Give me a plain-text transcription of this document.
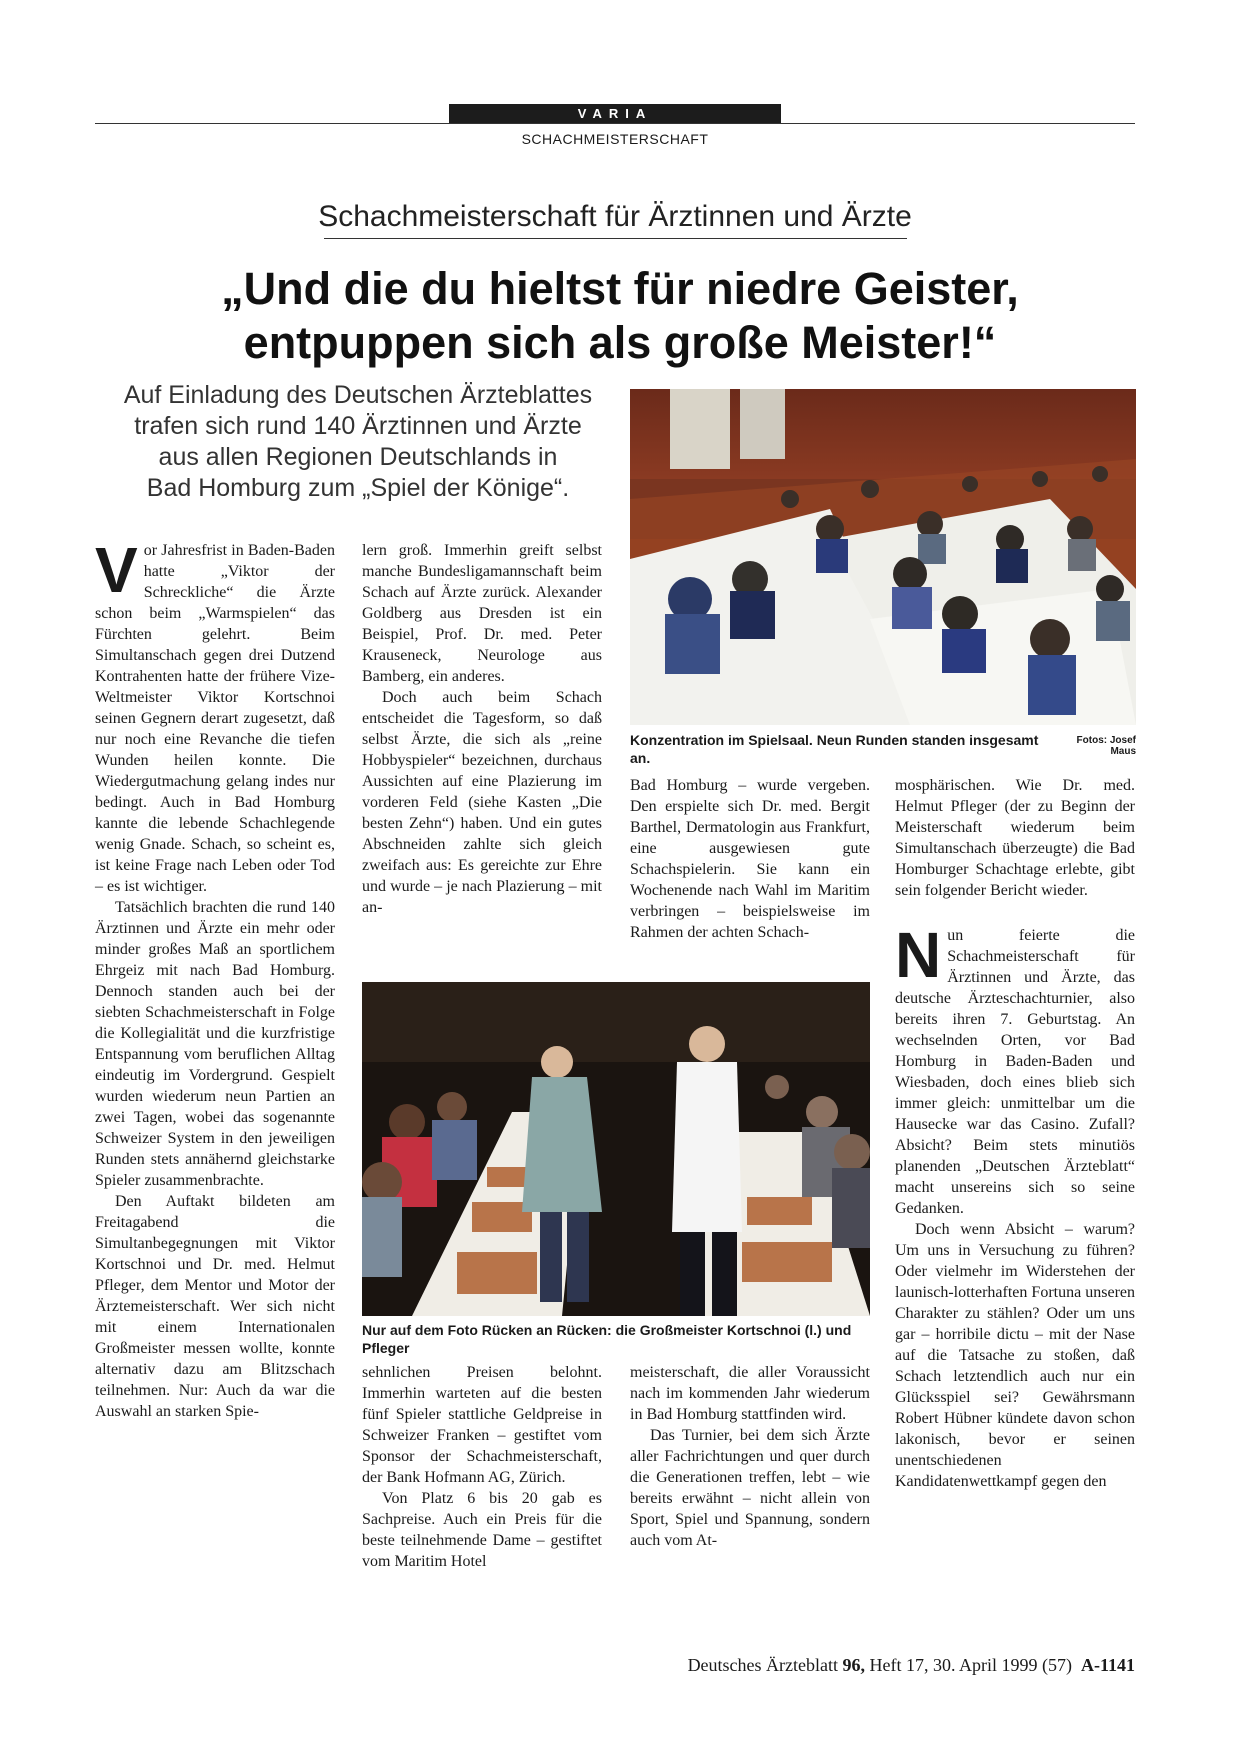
VARIA
SCHACHMEISTERSCHAFT
Schachmeisterschaft für Ärztinnen und Ärzte
„Und die du hieltst für niedre Geister,
entpuppen sich als große Meister!“
Auf Einladung des Deutschen Ärzteblattes
trafen sich rund 140 Ärztinnen und Ärzte
aus allen Regionen Deutschlands in
Bad Homburg zum „Spiel der Könige“.
Konzentration im Spielsaal. Neun Runden standen insgesamt an.
Fotos: Josef Maus

Vor Jahresfrist in Baden-Baden hatte „Viktor der Schreckliche“ die Ärzte schon beim „Warmspielen“ das Fürchten gelehrt. Beim Simultanschach gegen drei Dutzend Kontrahenten hatte der frühere Vize-Weltmeister Viktor Kortschnoi seinen Gegnern derart zugesetzt, daß nur noch eine Revanche die tiefen Wunden heilen konnte. Die Wiedergutmachung gelang indes nur bedingt. Auch in Bad Homburg kannte die lebende Schachlegende wenig Gnade. Schach, so scheint es, ist keine Frage nach Leben oder Tod – es ist wichtiger.

Tatsächlich brachten die rund 140 Ärztinnen und Ärzte ein mehr oder minder großes Maß an sportlichem Ehrgeiz mit nach Bad Homburg. Dennoch standen auch bei der siebten Schachmeisterschaft in Folge die Kollegialität und die kurzfristige Entspannung vom beruflichen Alltag eindeutig im Vordergrund. Gespielt wurden wiederum neun Partien an zwei Tagen, wobei das sogenannte Schweizer System in den jeweiligen Runden stets annähernd gleichstarke Spieler zusammenbrachte.

Den Auftakt bildeten am Freitagabend die Simultanbegegnungen mit Viktor Kortschnoi und Dr. med. Helmut Pfleger, dem Mentor und Motor der Ärztemeisterschaft. Wer sich nicht mit einem Internationalen Großmeister messen wollte, konnte alternativ dazu am Blitzschach teilnehmen. Nur: Auch da war die Auswahl an starken Spie-

lern groß. Immerhin greift selbst manche Bundesligamannschaft beim Schach auf Ärzte zurück. Alexander Goldberg aus Dresden ist ein Beispiel, Prof. Dr. med. Peter Krauseneck, Neurologe aus Bamberg, ein anderes.

Doch auch beim Schach entscheidet die Tagesform, so daß selbst Ärzte, die sich als „reine Hobbyspieler“ bezeichnen, durchaus Aussichten auf eine Plazierung im vorderen Feld (siehe Kasten „Die besten Zehn“) haben. Und ein gutes Abschneiden zahlte sich gleich zweifach aus: Es gereichte zur Ehre und wurde – je nach Plazierung – mit an-

Bad Homburg – wurde vergeben. Den erspielte sich Dr. med. Bergit Barthel, Dermatologin aus Frankfurt, eine ausgewiesen gute Schachspielerin. Sie kann ein Wochenende nach Wahl im Maritim verbringen – beispielsweise im Rahmen der achten Schach-

Nur auf dem Foto Rücken an Rücken: die Großmeister Kortschnoi (l.) und Pfleger

sehnlichen Preisen belohnt. Immerhin warteten auf die besten fünf Spieler stattliche Geldpreise in Schweizer Franken – gestiftet vom Sponsor der Schachmeisterschaft, der Bank Hofmann AG, Zürich.

Von Platz 6 bis 20 gab es Sachpreise. Auch ein Preis für die beste teilnehmende Dame – gestiftet vom Maritim Hotel

meisterschaft, die aller Voraussicht nach im kommenden Jahr wiederum in Bad Homburg stattfinden wird.

Das Turnier, bei dem sich Ärzte aller Fachrichtungen und quer durch die Generationen treffen, lebt – wie bereits erwähnt – nicht allein von Sport, Spiel und Spannung, sondern auch vom At-

mosphärischen. Wie Dr. med. Helmut Pfleger (der zu Beginn der Meisterschaft wiederum beim Simultanschach überzeugte) die Bad Homburger Schachtage erlebte, gibt sein folgender Bericht wieder.

Nun feierte die Schachmeisterschaft für Ärztinnen und Ärzte, das deutsche Ärzteschachturnier, also bereits ihren 7. Geburtstag. An wechselnden Orten, vor Bad Homburg in Baden-Baden und Wiesbaden, doch eines blieb sich immer gleich: unmittelbar um die Hausecke war das Casino. Zufall? Absicht? Beim stets minutiös planenden „Deutschen Ärzteblatt“ macht unsereins sich so seine Gedanken.

Doch wenn Absicht – warum? Um uns in Versuchung zu führen? Oder vielmehr im Widerstehen der launisch-lotterhaften Fortuna unseren Charakter zu stählen? Oder um uns gar – horribile dictu – mit der Nase auf die Tatsache zu stoßen, daß Schach letztendlich auch nur ein Glücksspiel sei? Gewährsmann Robert Hübner kündete davon schon lakonisch, bevor er seinen unentschiedenen Kandidatenwettkampf gegen den

Deutsches Ärzteblatt 96, Heft 17, 30. April 1999 (57) A-1141
